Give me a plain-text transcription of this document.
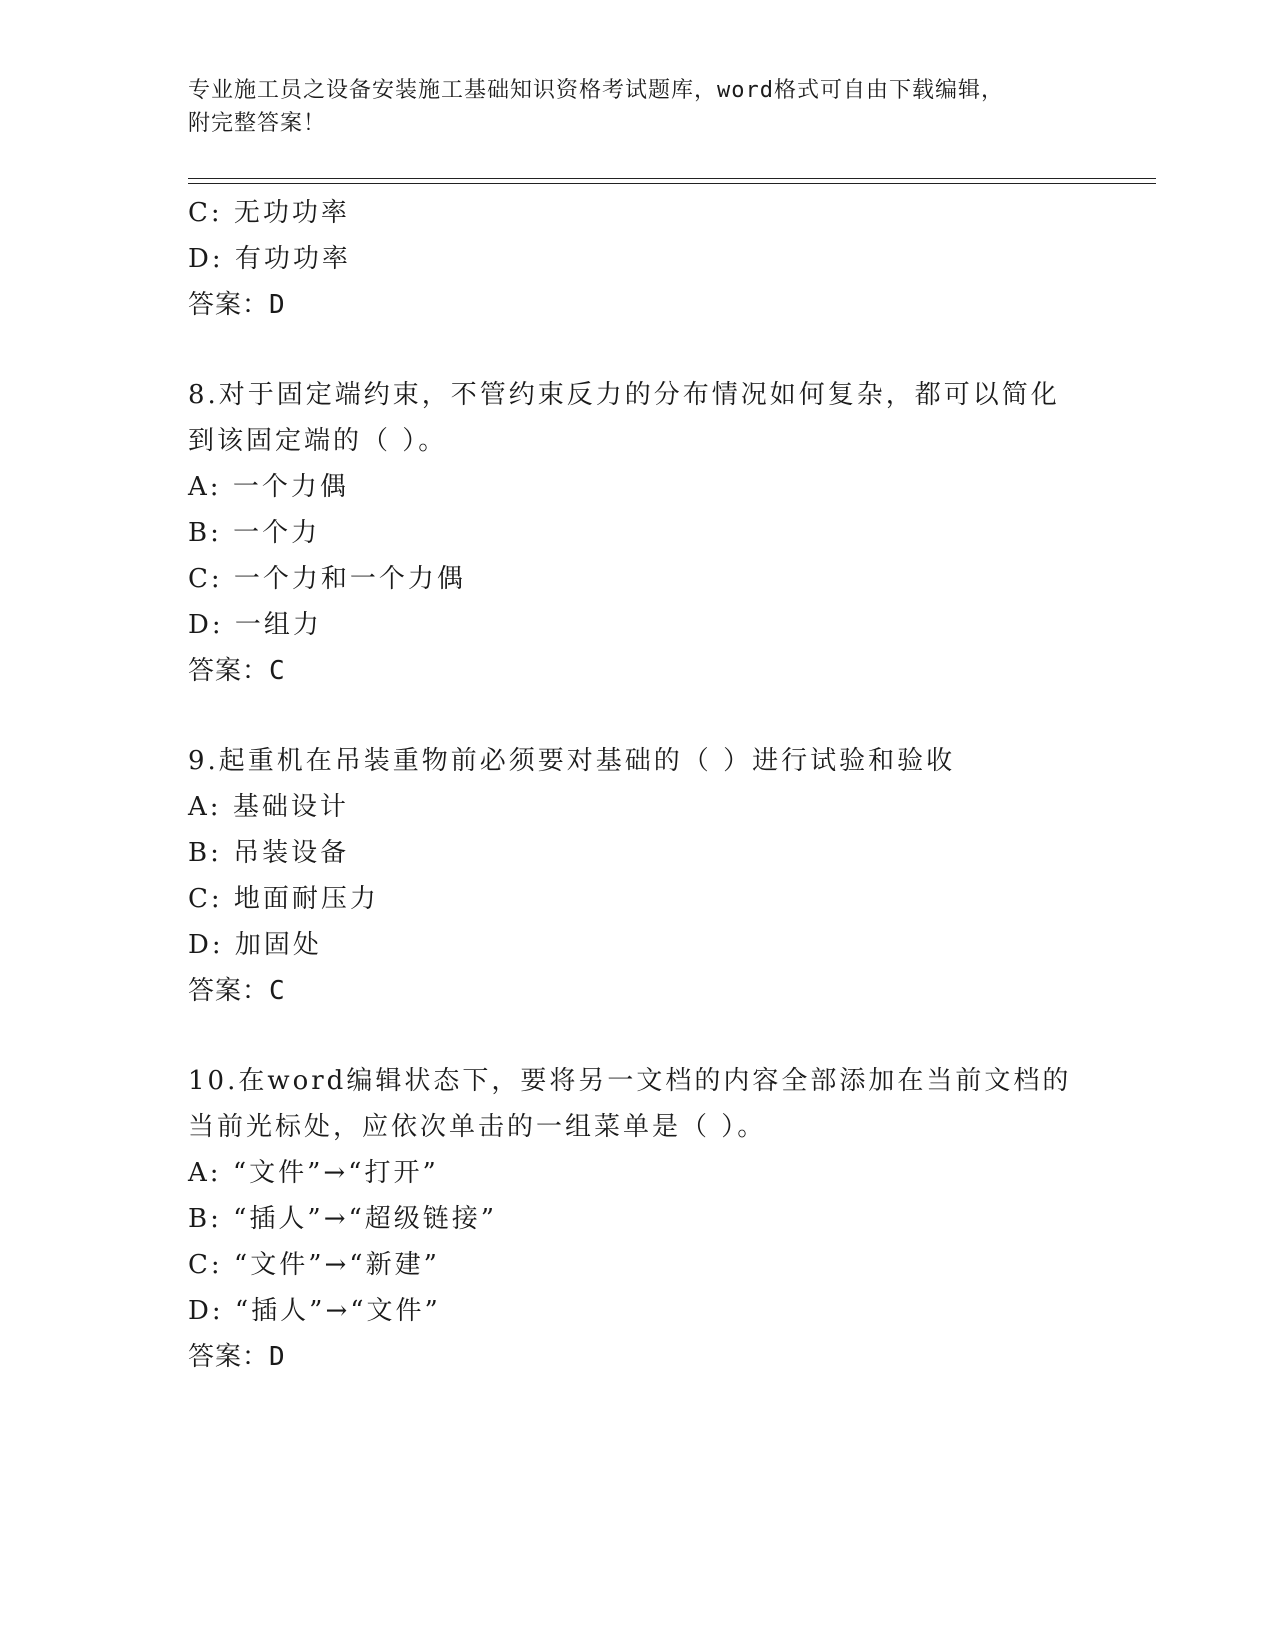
专业施工员之设备安装施工基础知识资格考试题库，word格式可自由下载编辑，
附完整答案！
C: 无功功率
D: 有功功率
答案：D
8.对于固定端约束，不管约束反力的分布情况如何复杂，都可以简化
到该固定端的（ ）。
A: 一个力偶
B: 一个力
C: 一个力和一个力偶
D: 一组力
答案：C
9.起重机在吊装重物前必须要对基础的（ ）进行试验和验收
A: 基础设计
B: 吊装设备
C: 地面耐压力
D: 加固处
答案：C
10.在word编辑状态下，要将另一文档的内容全部添加在当前文档的
当前光标处，应依次单击的一组菜单是（ ）。
A: “文件”→“打开”
B: “插人”→“超级链接”
C: “文件”→“新建”
D: “插人”→“文件”
答案：D
